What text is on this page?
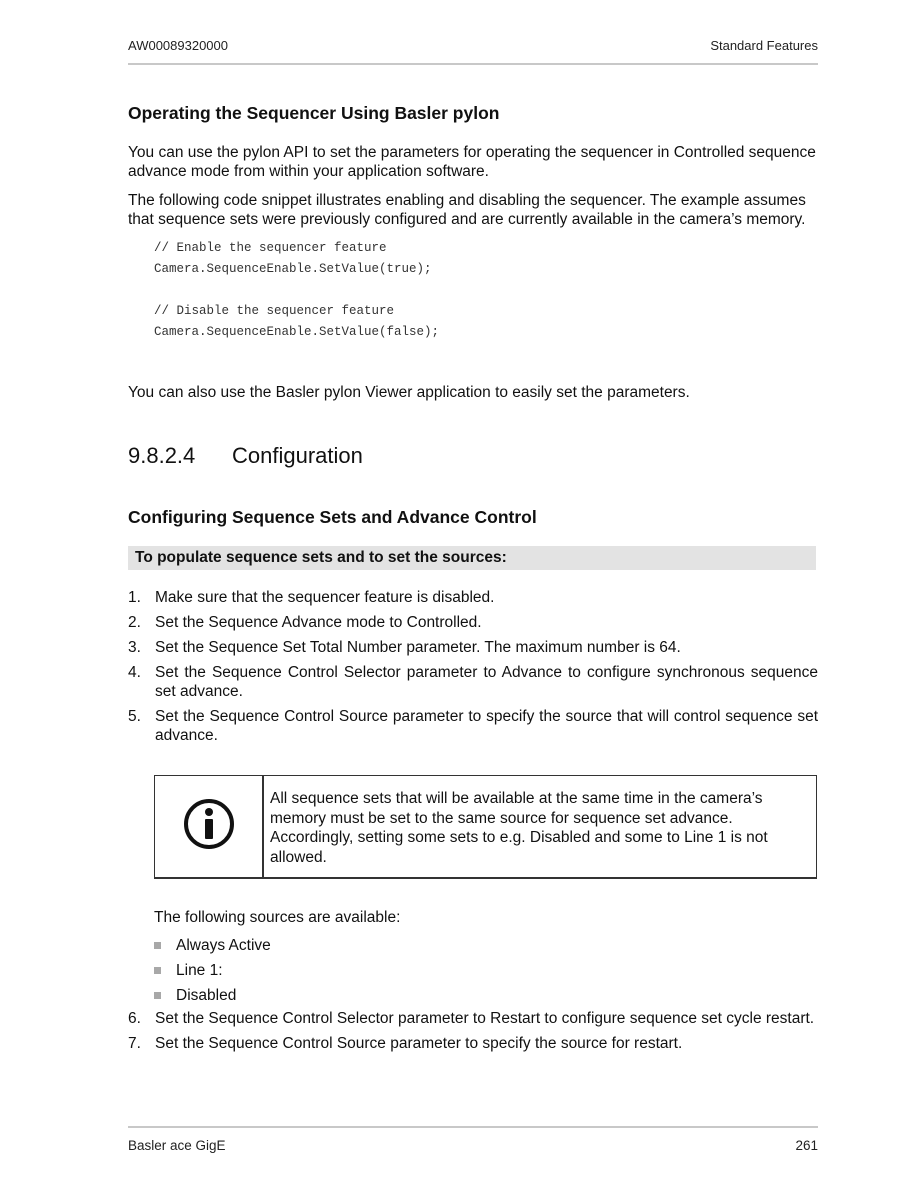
AW00089320000	Standard Features
Operating the Sequencer Using Basler pylon
You can use the pylon API to set the parameters for operating the sequencer in Controlled sequence advance mode from within your application software.
The following code snippet illustrates enabling and disabling the sequencer. The example assumes that sequence sets were previously configured and are currently available in the camera’s memory.
// Enable the sequencer feature
Camera.SequenceEnable.SetValue(true);
// Disable the sequencer feature
Camera.SequenceEnable.SetValue(false);
You can also use the Basler pylon Viewer application to easily set the parameters.
9.8.2.4	Configuration
Configuring Sequence Sets and Advance Control
To populate sequence sets and to set the sources:
1. Make sure that the sequencer feature is disabled.
2. Set the Sequence Advance mode to Controlled.
3. Set the Sequence Set Total Number parameter. The maximum number is 64.
4. Set the Sequence Control Selector parameter to Advance to configure synchronous sequence set advance.
5. Set the Sequence Control Source parameter to specify the source that will control sequence set advance.
All sequence sets that will be available at the same time in the camera’s memory must be set to the same source for sequence set advance. Accordingly, setting some sets to e.g. Disabled and some to Line 1 is not allowed.
The following sources are available:
Always Active
Line 1:
Disabled
6. Set the Sequence Control Selector parameter to Restart to configure sequence set cycle restart.
7. Set the Sequence Control Source parameter to specify the source for restart.
Basler ace GigE	261
